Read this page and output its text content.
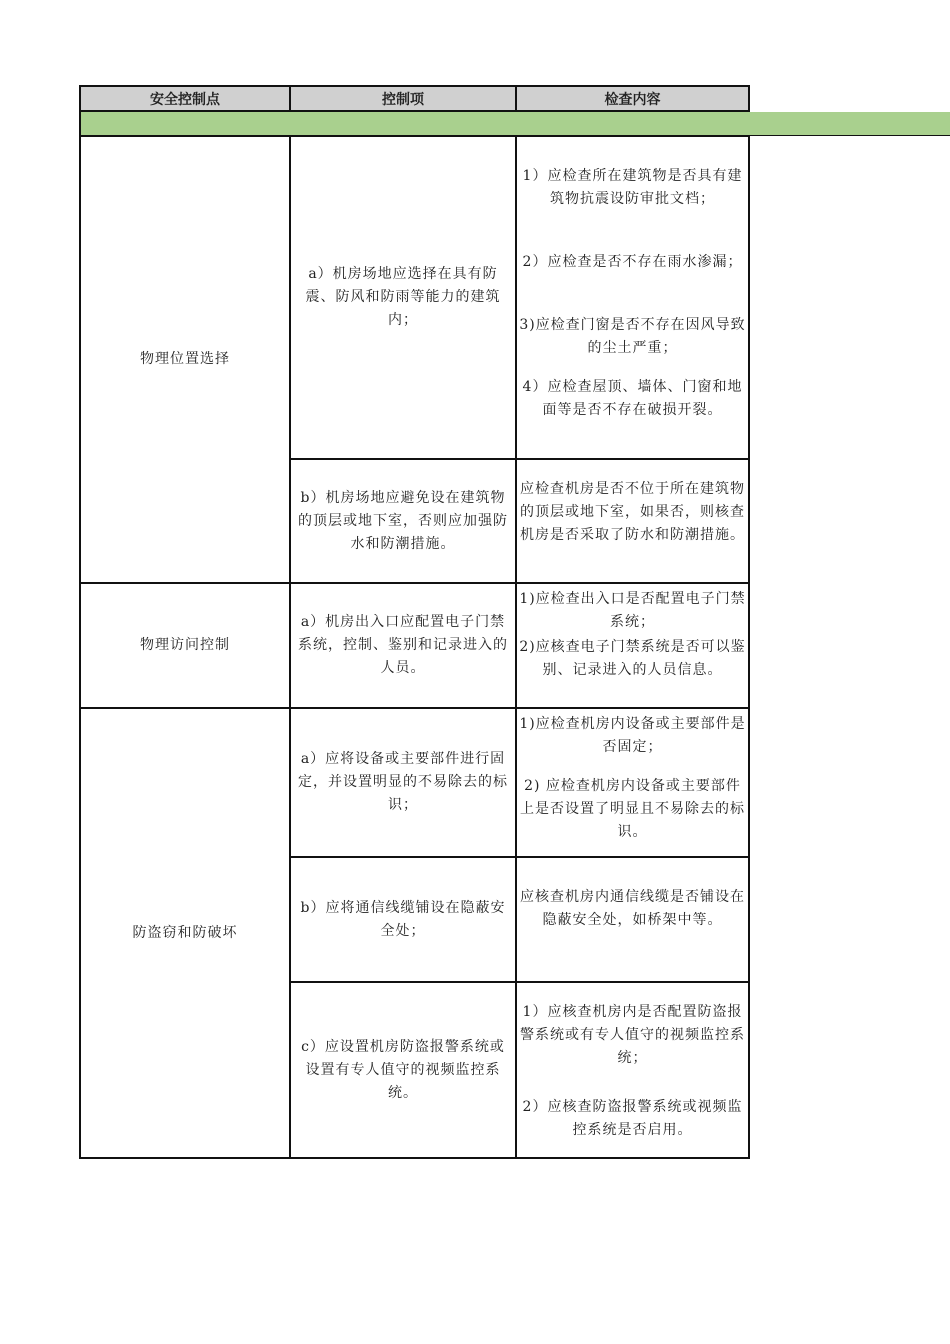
安全控制点	控制项	检查内容
物理位置选择
a）机房场地应选择在具有防震、防风和防雨等能力的建筑内；

1）应检查所在建筑物是否具有建筑物抗震设防审批文档；

2）应检查是否不存在雨水渗漏；

3)应检查门窗是否不存在因风导致的尘土严重；

4）应检查屋顶、墙体、门窗和地面等是否不存在破损开裂。

b）机房场地应避免设在建筑物的顶层或地下室，否则应加强防水和防潮措施。

应检查机房是否不位于所在建筑物的顶层或地下室，如果否，则核查机房是否采取了防水和防潮措施。

物理访问控制
a）机房出入口应配置电子门禁系统，控制、鉴别和记录进入的人员。

1)应检查出入口是否配置电子门禁系统；

2)应核查电子门禁系统是否可以鉴别、记录进入的人员信息。

防盗窃和防破坏
a）应将设备或主要部件进行固定，并设置明显的不易除去的标识；

1)应检查机房内设备或主要部件是否固定；

2) 应检查机房内设备或主要部件上是否设置了明显且不易除去的标识。

b）应将通信线缆铺设在隐蔽安全处；

应核查机房内通信线缆是否铺设在隐蔽安全处，如桥架中等。

c）应设置机房防盗报警系统或设置有专人值守的视频监控系统。

1）应核查机房内是否配置防盗报警系统或有专人值守的视频监控系统；

2）应核查防盗报警系统或视频监控系统是否启用。
